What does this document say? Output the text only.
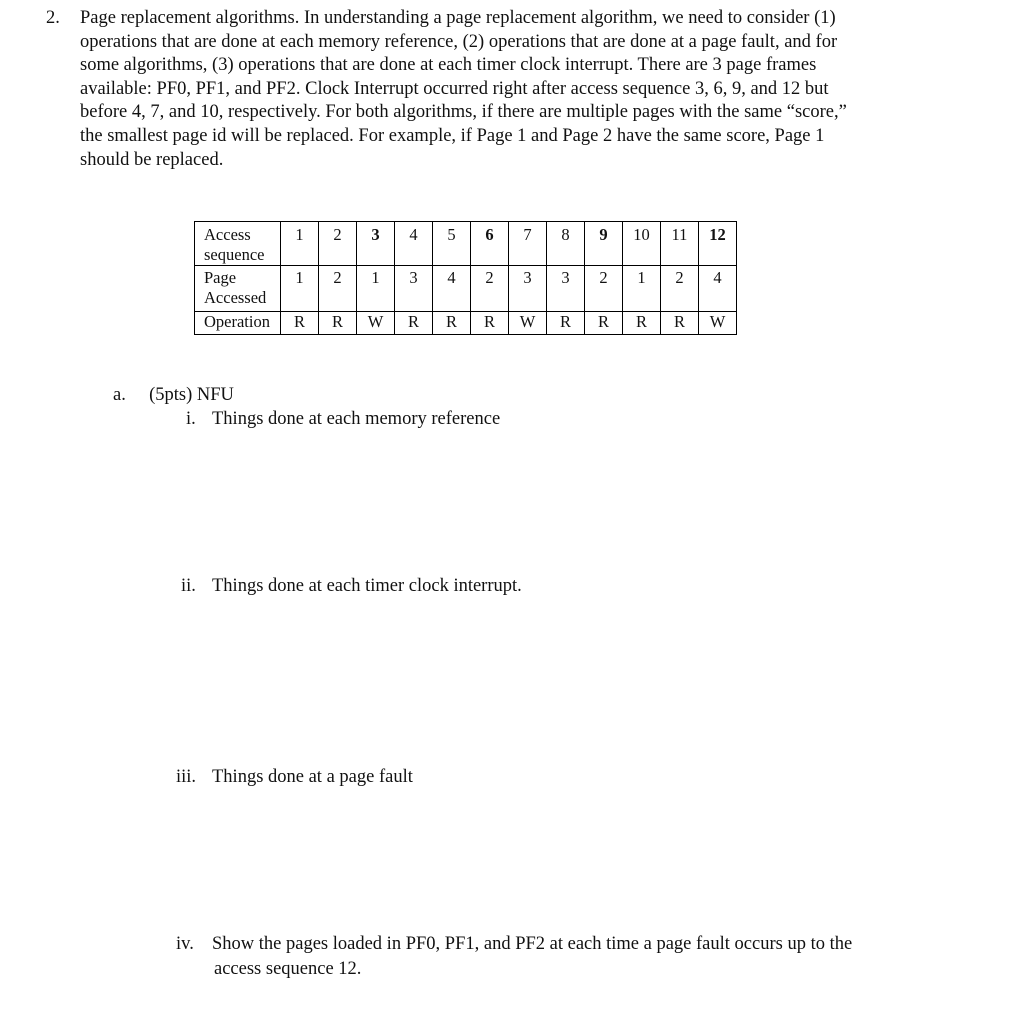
2. Page replacement algorithms. In understanding a page replacement algorithm, we need to consider (1)
operations that are done at each memory reference, (2) operations that are done at a page fault, and for
some algorithms, (3) operations that are done at each timer clock interrupt. There are 3 page frames
available: PF0, PF1, and PF2. Clock Interrupt occurred right after access sequence 3, 6, 9, and 12 but
before 4, 7, and 10, respectively. For both algorithms, if there are multiple pages with the same “score,”
the smallest page id will be replaced. For example, if Page 1 and Page 2 have the same score, Page 1
should be replaced.
Access
sequence	1	2	3	4	5	6	7	8	9	10	11	12

Page
Accessed	1	2	1	3	4	2	3	3	2	1	2	4
Operation	R	R	W	R	R	R	W	R	R	R	R	W
a. (5pts) NFU
i. Things done at each memory reference
ii. Things done at each timer clock interrupt.
iii. Things done at a page fault
iv. Show the pages loaded in PF0, PF1, and PF2 at each time a page fault occurs up to the
access sequence 12.
